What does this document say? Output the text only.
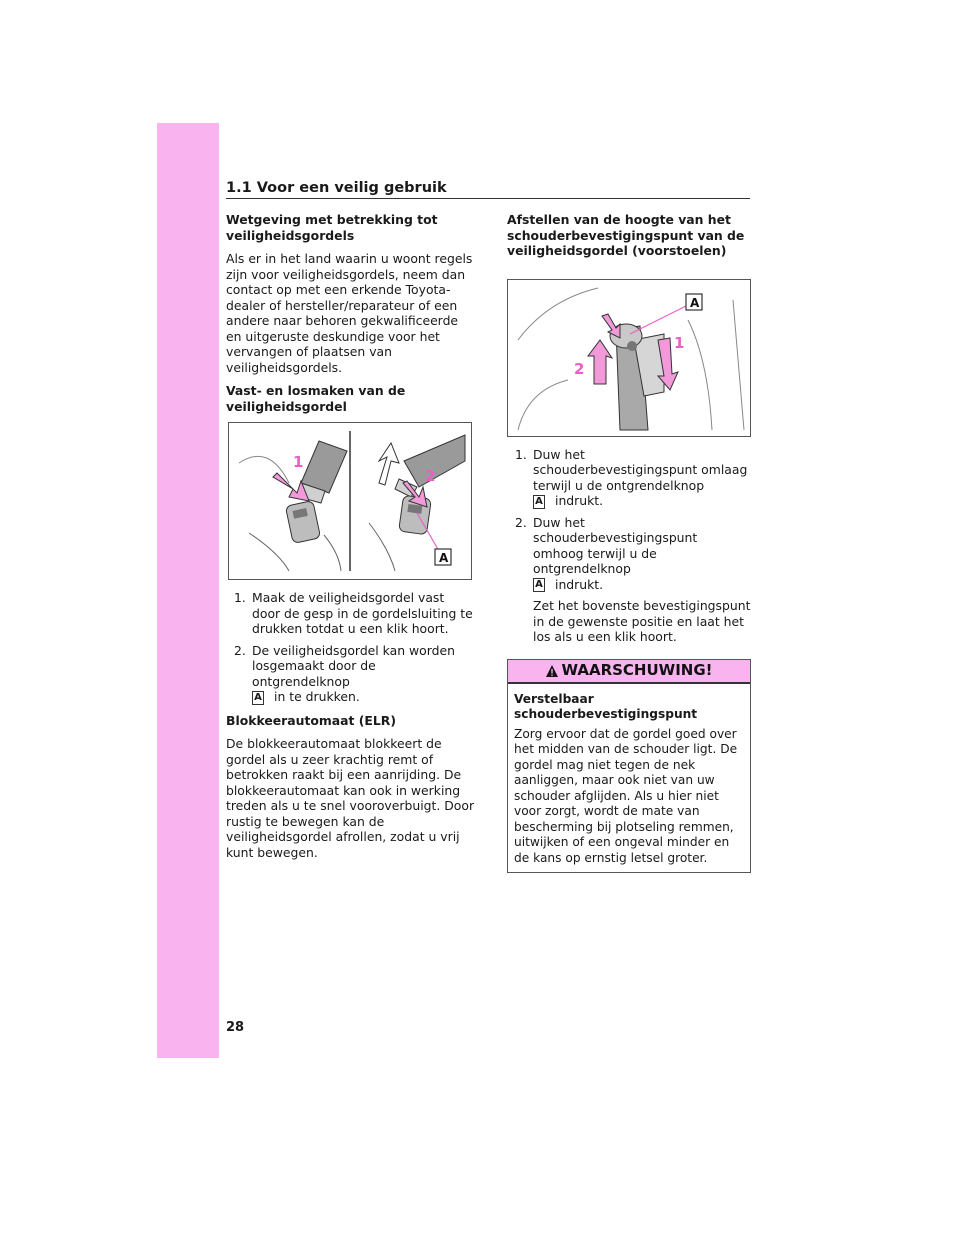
1.1 Voor een veilig gebruik
Wetgeving met betrekking tot veiligheidsgordels
Als er in het land waarin u woont regels zijn voor veiligheidsgordels, neem dan contact op met een erkende Toyota-dealer of hersteller/reparateur of een andere naar behoren gekwalificeerde en uitgeruste deskundige voor het vervangen of plaatsen van veiligheidsgordels.
Vast- en losmaken van de veiligheidsgordel
1
2
A
1. Maak de veiligheidsgordel vast door de gesp in de gordelsluiting te drukken totdat u een klik hoort.
2. De veiligheidsgordel kan worden losgemaakt door de ontgrendelknop
A in te drukken.
Blokkeerautomaat (ELR)
De blokkeerautomaat blokkeert de gordel als u zeer krachtig remt of betrokken raakt bij een aanrijding. De blokkeerautomaat kan ook in werking treden als u te snel vooroverbuigt. Door rustig te bewegen kan de veiligheidsgordel afrollen, zodat u vrij kunt bewegen.
Afstellen van de hoogte van het schouderbevestigingspunt van de veiligheidsgordel (voorstoelen)
1
2
A
1. Duw het schouderbevestigingspunt omlaag terwijl u de ontgrendelknop
A indrukt.
2. Duw het schouderbevestigingspunt omhoog terwijl u de ontgrendelknop
A indrukt.
Zet het bovenste bevestigingspunt in de gewenste positie en laat het los als u een klik hoort.
WAARSCHUWING!
Verstelbaar schouderbevestigingspunt
Zorg ervoor dat de gordel goed over het midden van de schouder ligt. De gordel mag niet tegen de nek aanliggen, maar ook niet van uw schouder afglijden. Als u hier niet voor zorgt, wordt de mate van bescherming bij plotseling remmen, uitwijken of een ongeval minder en de kans op ernstig letsel groter.
28
